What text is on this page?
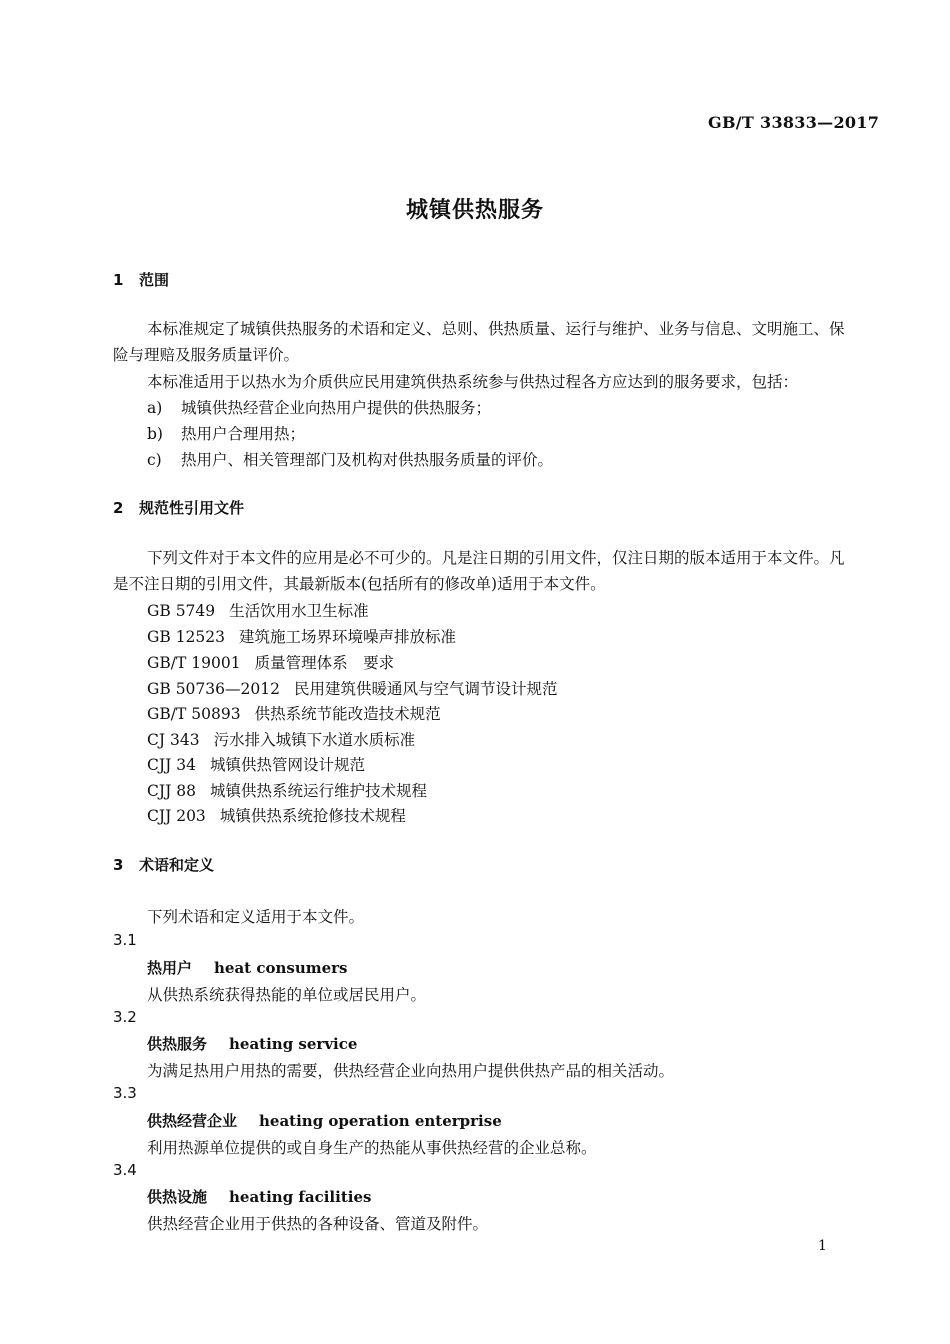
GB/T 33833—2017
城镇供热服务
1 范围
本标准规定了城镇供热服务的术语和定义、总则、供热质量、运行与维护、业务与信息、文明施工、保险与理赔及服务质量评价。
本标准适用于以热水为介质供应民用建筑供热系统参与供热过程各方应达到的服务要求，包括：
a) 城镇供热经营企业向热用户提供的供热服务；
b) 热用户合理用热；
c) 热用户、相关管理部门及机构对供热服务质量的评价。
2 规范性引用文件
下列文件对于本文件的应用是必不可少的。凡是注日期的引用文件，仅注日期的版本适用于本文件。凡是不注日期的引用文件，其最新版本(包括所有的修改单)适用于本文件。
GB 5749 生活饮用水卫生标准
GB 12523 建筑施工场界环境噪声排放标准
GB/T 19001 质量管理体系　要求
GB 50736—2012 民用建筑供暖通风与空气调节设计规范
GB/T 50893 供热系统节能改造技术规范
CJ 343 污水排入城镇下水道水质标准
CJJ 34 城镇供热管网设计规范
CJJ 88 城镇供热系统运行维护技术规程
CJJ 203 城镇供热系统抢修技术规程
3 术语和定义
下列术语和定义适用于本文件。
3.1
热用户 heat consumers
从供热系统获得热能的单位或居民用户。
3.2
供热服务 heating service
为满足热用户用热的需要，供热经营企业向热用户提供供热产品的相关活动。
3.3
供热经营企业 heating operation enterprise
利用热源单位提供的或自身生产的热能从事供热经营的企业总称。
3.4
供热设施 heating facilities
供热经营企业用于供热的各种设备、管道及附件。
1
